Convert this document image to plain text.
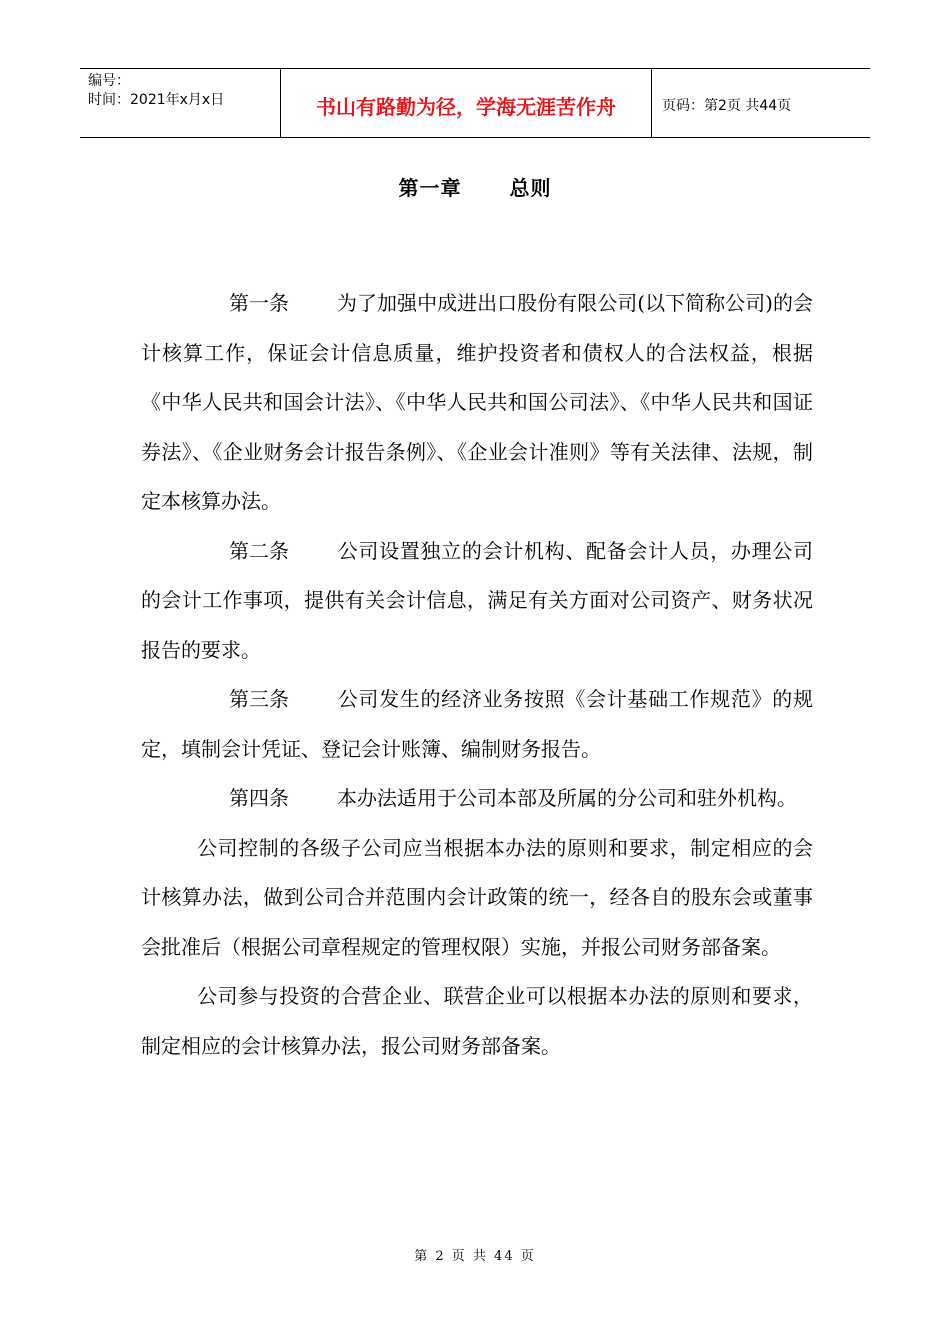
编号：
时间：2021年x月x日	书山有路勤为径，学海无涯苦作舟	页码：第2页 共44页
第一章 总则

第一条 为了加强中成进出口股份有限公司(以下简称公司)的会计核算工作，保证会计信息质量，维护投资者和债权人的合法权益，根据《中华人民共和国会计法》、《中华人民共和国公司法》、《中华人民共和国证券法》、《企业财务会计报告条例》、《企业会计准则》等有关法律、法规，制定本核算办法。

第二条 公司设置独立的会计机构、配备会计人员，办理公司的会计工作事项，提供有关会计信息，满足有关方面对公司资产、财务状况报告的要求。

第三条 公司发生的经济业务按照《会计基础工作规范》的规定，填制会计凭证、登记会计账簿、编制财务报告。

第四条 本办法适用于公司本部及所属的分公司和驻外机构。

公司控制的各级子公司应当根据本办法的原则和要求，制定相应的会计核算办法，做到公司合并范围内会计政策的统一，经各自的股东会或董事会批准后（根据公司章程规定的管理权限）实施，并报公司财务部备案。

公司参与投资的合营企业、联营企业可以根据本办法的原则和要求，制定相应的会计核算办法，报公司财务部备案。

第 2 页 共 44 页
